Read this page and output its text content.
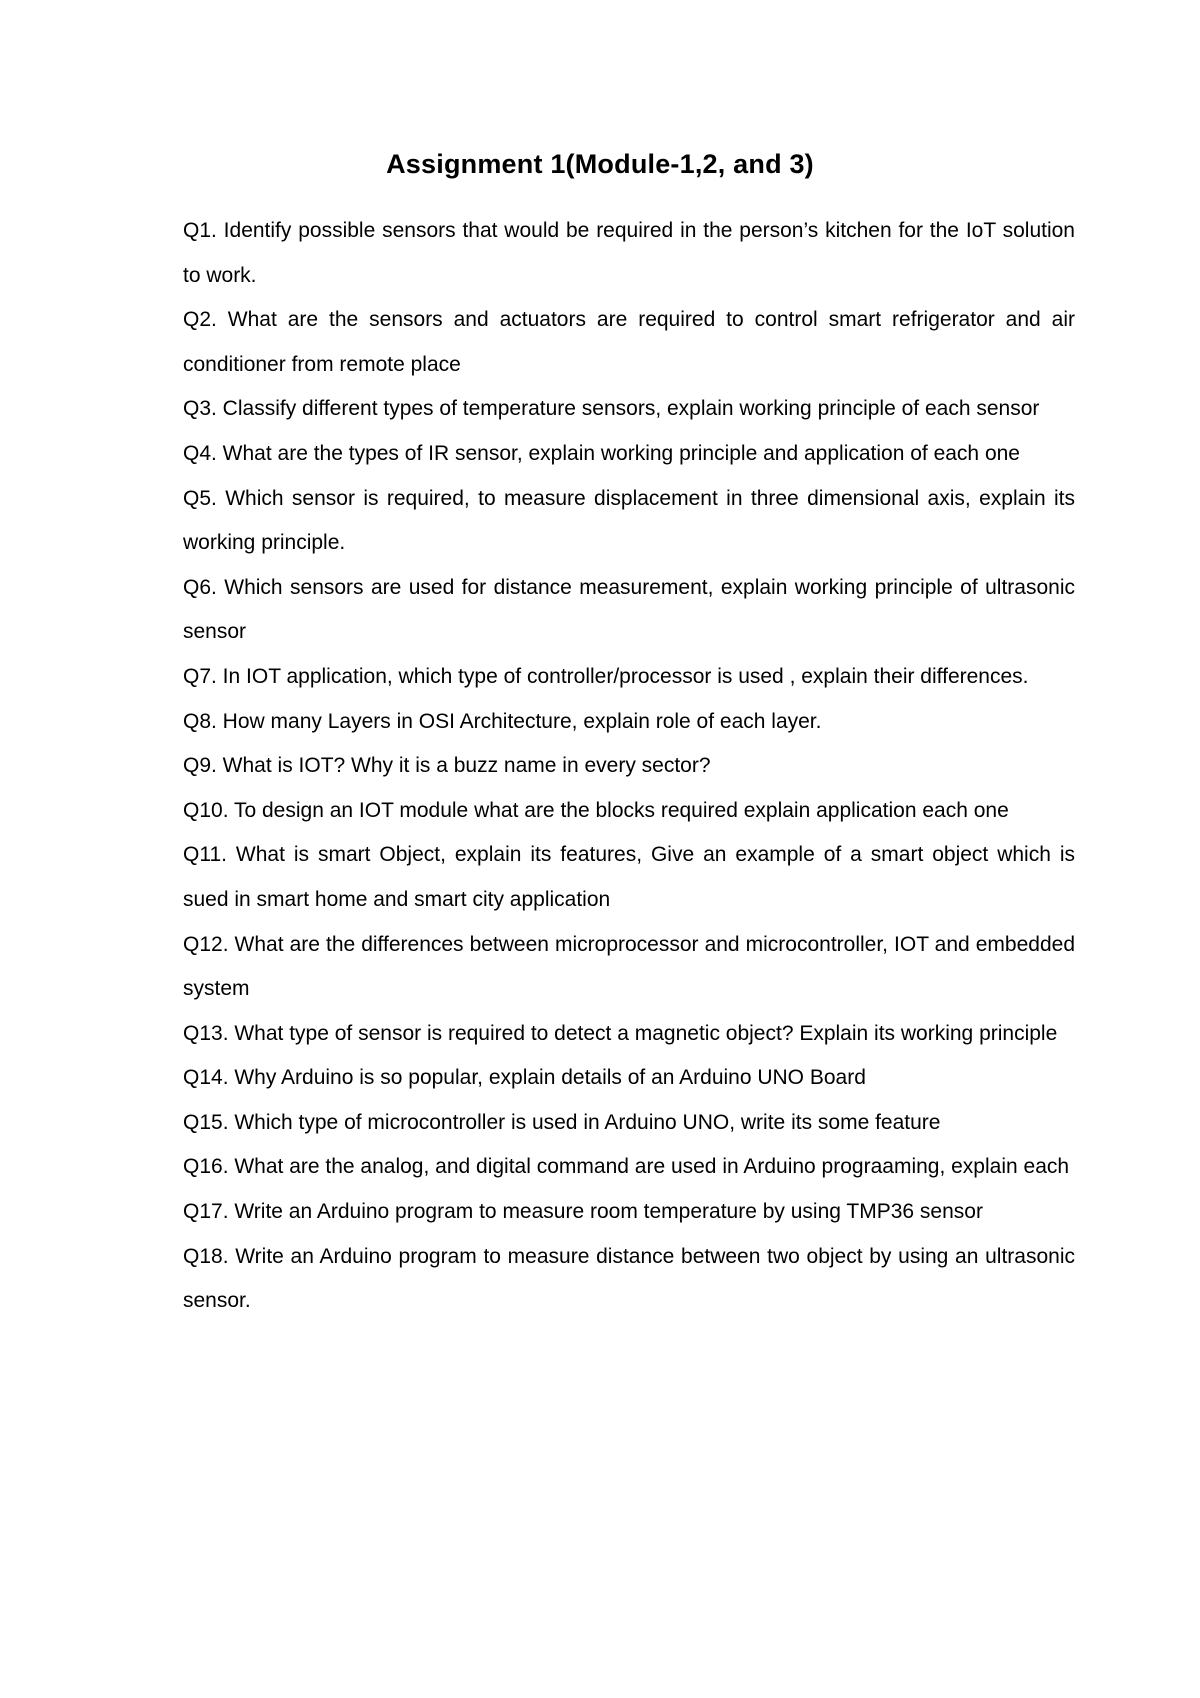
Assignment 1(Module-1,2, and 3)
Q1. Identify possible sensors that would be required in the person’s kitchen for the IoT solution to work.
Q2. What are the sensors and actuators are required to control smart refrigerator and air conditioner from remote place
Q3. Classify different types of temperature sensors, explain working principle of each sensor
Q4. What are the types of IR sensor, explain working principle and application of each one
Q5. Which sensor is required, to measure displacement in three dimensional axis, explain its working principle.
Q6. Which sensors are used for distance measurement, explain working principle of ultrasonic sensor
Q7. In IOT application, which type of controller/processor is used , explain their differences.
Q8. How many Layers in OSI Architecture, explain role of each layer.
Q9. What is IOT? Why it is a buzz name in every sector?
Q10. To design an IOT module what are the blocks required explain application each one
Q11. What is smart Object, explain its features, Give an example of a smart object which is sued in smart home and smart city application
Q12. What are the differences between microprocessor and microcontroller, IOT and embedded system
Q13. What type of sensor is required to detect a magnetic object? Explain its working principle
Q14. Why Arduino is so popular, explain details of an Arduino UNO Board
Q15. Which type of microcontroller is used in Arduino UNO, write its some feature
Q16. What are the analog, and digital command are used in Arduino prograaming, explain each
Q17. Write an Arduino program to measure room temperature by using TMP36 sensor
Q18. Write an Arduino program to measure distance between two object by using an ultrasonic sensor.
